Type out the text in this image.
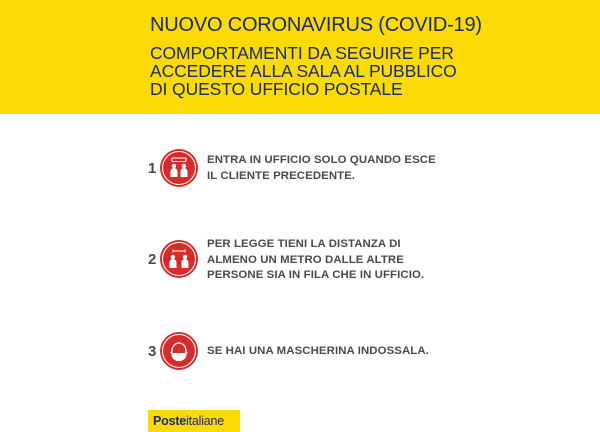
NUOVO CORONAVIRUS (COVID-19)
COMPORTAMENTI DA SEGUIRE PER
ACCEDERE ALLA SALA AL PUBBLICO
DI QUESTO UFFICIO POSTALE
1	ENTRA IN UFFICIO SOLO QUANDO ESCE
IL CLIENTE PRECEDENTE.
2
PER LEGGE TIENI LA DISTANZA DI
ALMENO UN METRO DALLE ALTRE
PERSONE SIA IN FILA CHE IN UFFICIO.
3	SE HAI UNA MASCHERINA INDOSSALA.
Posteitaliane
